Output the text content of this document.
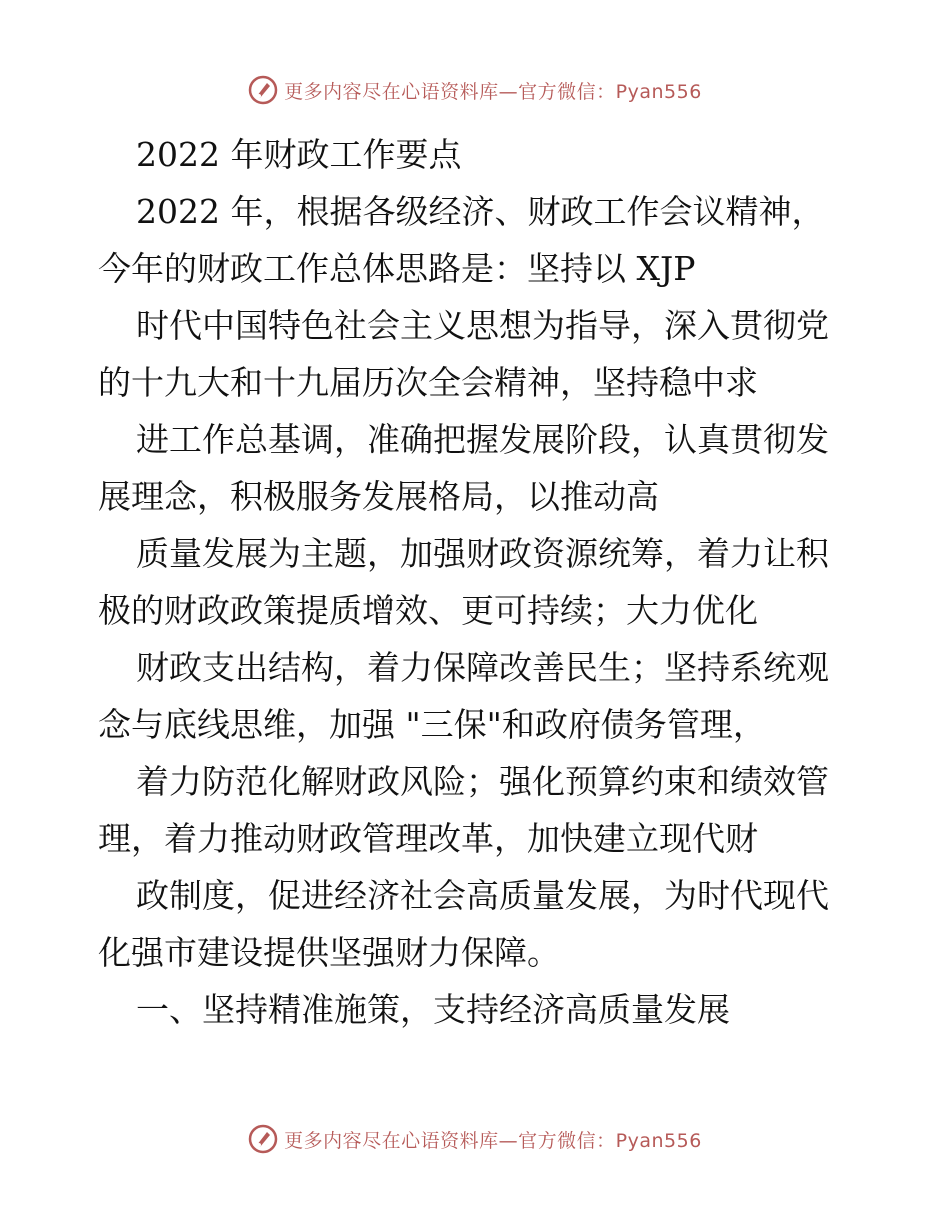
更多内容尽在心语资料库—官方微信：Pyan556
2022 年财政工作要点
2022 年，根据各级经济、财政工作会议精神，
今年的财政工作总体思路是：坚持以 XJP
时代中国特色社会主义思想为指导，深入贯彻党
的十九大和十九届历次全会精神，坚持稳中求
进工作总基调，准确把握发展阶段，认真贯彻发
展理念，积极服务发展格局，以推动高
质量发展为主题，加强财政资源统筹，着力让积
极的财政政策提质增效、更可持续；大力优化
财政支出结构，着力保障改善民生；坚持系统观
念与底线思维，加强 "三保"和政府债务管理，
着力防范化解财政风险；强化预算约束和绩效管
理，着力推动财政管理改革，加快建立现代财
政制度，促进经济社会高质量发展，为时代现代
化强市建设提供坚强财力保障。
一、坚持精准施策，支持经济高质量发展
更多内容尽在心语资料库—官方微信：Pyan556
